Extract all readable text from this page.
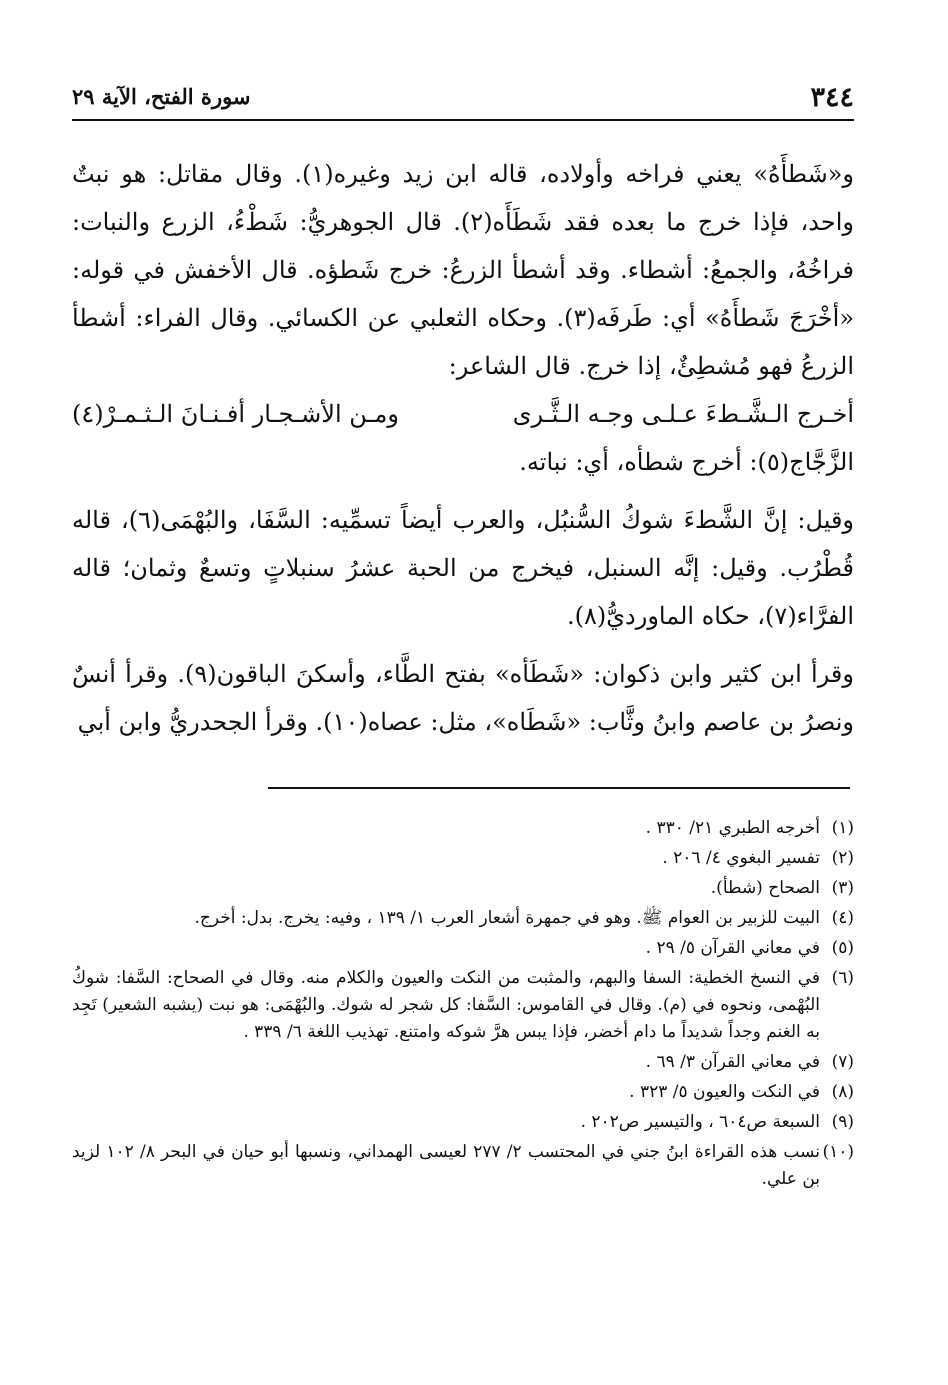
٣٤٤
سورة الفتح، الآية ٢٩

و«شَطأَهُ» يعني فراخه وأولاده، قاله ابن زيد وغيره(١). وقال مقاتل: هو نبتٌ واحد، فإذا خرج ما بعده فقد شَطَأَه(٢). قال الجوهريُّ: شَطْءُ، الزرع والنبات: فراخُهُ، والجمعُ: أشطاء. وقد أشطأ الزرعُ: خرج شَطؤه. قال الأخفش في قوله: «أخْرَجَ شَطأَهُ» أي: طَرفَه(٣). وحكاه الثعلبي عن الكسائي. وقال الفراء: أشطأ الزرعُ فهو مُشطِئٌ، إذا خرج. قال الشاعر:

أخـرج الـشَّـطءَ عـلـى وجـه الـثَّـرى
ومـن الأشـجـار أفـنـانَ الـثـمـرْ(٤)

الزَّجَّاج(٥): أخرج شطأه، أي: نباته.

وقيل: إنَّ الشَّطءَ شوكُ السُّنبُل، والعرب أيضاً تسمِّيه: السَّفَا، والبُهْمَى(٦)، قاله قُطْرُب. وقيل: إنَّه السنبل، فيخرج من الحبة عشرُ سنبلاتٍ وتسعٌ وثمان؛ قاله الفرَّاء(٧)، حكاه الماورديُّ(٨).

وقرأ ابن كثير وابن ذكوان: «شَطَأه» بفتح الطَّاء، وأسكنَ الباقون(٩). وقرأ أنسٌ ونصرُ بن عاصم وابنُ وثَّاب: «شَطَاه»، مثل: عصاه(١٠). وقرأ الجحدريُّ وابن أبي

(١)
أخرجه الطبري ٢١/ ٣٣٠ .
(٢)
تفسير البغوي ٤/ ٢٠٦ .
(٣)
الصحاح (شطأ).
(٤)
البيت للزبير بن العوام ﷺ. وهو في جمهرة أشعار العرب ١/ ١٣٩ ، وفيه: يخرج. بدل: أخرج.
(٥)
في معاني القرآن ٥/ ٢٩ .
(٦)
في النسخ الخطية: السفا والبهم، والمثبت من النكت والعيون والكلام منه. وقال في الصحاح: السَّفا: شوكُ البُهْمى، ونحوه في (م). وقال في القاموس: السَّفا: كل شجر له شوك. والبُهْمَى: هو نبت (يشبه الشعير) تَجِد به الغنم وجداً شديداً ما دام أخضر، فإذا يبس هرَّ شوكه وامتنع. تهذيب اللغة ٦/ ٣٣٩ .
(٧)
في معاني القرآن ٣/ ٦٩ .
(٨)
في النكت والعيون ٥/ ٣٢٣ .
(٩)
السبعة ص٦٠٤ ، والتيسير ص٢٠٢ .
(١٠)
نسب هذه القراءة ابنُ جني في المحتسب ٢/ ٢٧٧ لعيسى الهمداني، ونسبها أبو حيان في البحر ٨/ ١٠٢ لزيد بن علي.
